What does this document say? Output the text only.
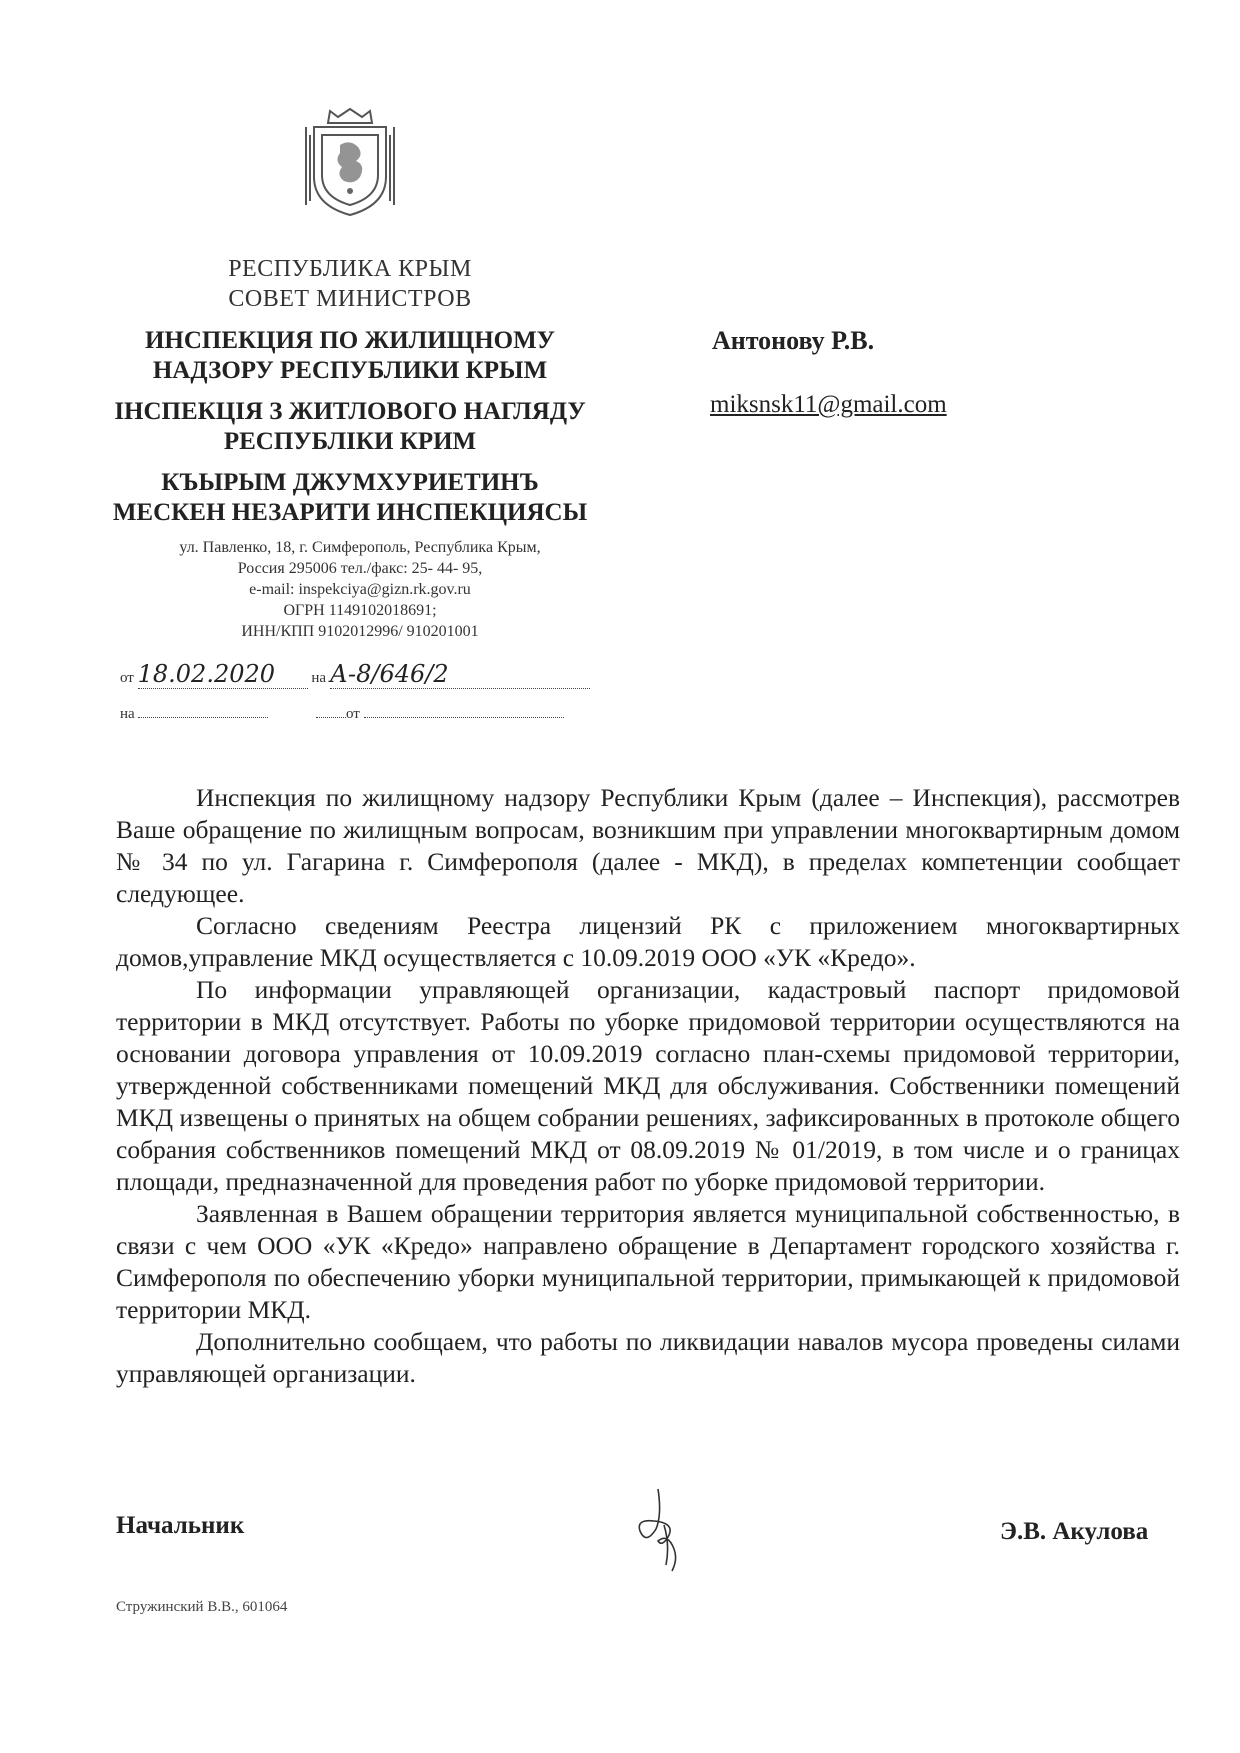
РЕСПУБЛИКА КРЫМ
СОВЕТ МИНИСТРОВ
ИНСПЕКЦИЯ ПО ЖИЛИЩНОМУ
НАДЗОРУ РЕСПУБЛИКИ КРЫМ
ІНСПЕКЦІЯ З ЖИТЛОВОГО НАГЛЯДУ
РЕСПУБЛІКИ КРИМ
КЪЫРЫМ ДЖУМХУРИЕТИНЪ
МЕСКЕН НЕЗАРИТИ ИНСПЕКЦИЯСЫ
ул. Павленко, 18, г. Симферополь, Республика Крым,
Россия 295006 тел./факс: 25- 44- 95,
e-mail: inspekciya@gizn.rk.gov.ru
ОГРН 1149102018691;
ИНН/КПП 9102012996/ 910201001
от 18.02.2020 на А-8/646/2
на	от
Антонову Р.В.
miksnsk11@gmail.com

Инспекция по жилищному надзору Республики Крым (далее – Инспекция), рассмотрев Ваше обращение по жилищным вопросам, возникшим при управлении многоквартирным домом № 34 по ул. Гагарина г. Симферополя (далее - МКД), в пределах компетенции сообщает следующее.

Согласно сведениям Реестра лицензий РК с приложением многоквартирных домов,управление МКД осуществляется с 10.09.2019 ООО «УК «Кредо».

По информации управляющей организации, кадастровый паспорт придомовой территории в МКД отсутствует. Работы по уборке придомовой территории осуществляются на основании договора управления от 10.09.2019 согласно план-схемы придомовой территории, утвержденной собственниками помещений МКД для обслуживания. Собственники помещений МКД извещены о принятых на общем собрании решениях, зафиксированных в протоколе общего собрания собственников помещений МКД от 08.09.2019 № 01/2019, в том числе и о границах площади, предназначенной для проведения работ по уборке придомовой территории.

Заявленная в Вашем обращении территория является муниципальной собственностью, в связи с чем ООО «УК «Кредо» направлено обращение в Департамент городского хозяйства г. Симферополя по обеспечению уборки муниципальной территории, примыкающей к придомовой территории МКД.

Дополнительно сообщаем, что работы по ликвидации навалов мусора проведены силами управляющей организации.

Начальник	Э.В. Акулова
Стружинский В.В., 601064
